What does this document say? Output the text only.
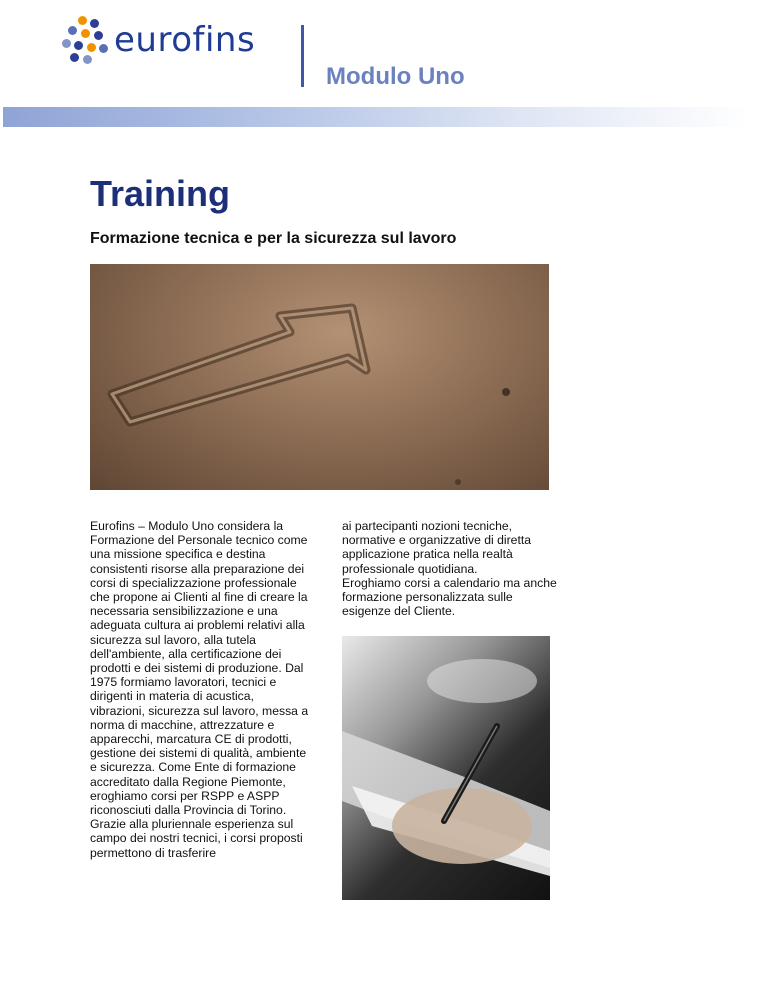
eurofins
Modulo Uno
Training
Formazione tecnica e per la sicurezza sul lavoro

Eurofins – Modulo Uno considera la Formazione del Personale tecnico come una missione specifica e destina consistenti risorse alla preparazione dei corsi di specializzazione professionale che propone ai Clienti al fine di creare la necessaria sensibilizzazione e una adeguata cultura ai problemi relativi alla sicurezza sul lavoro, alla tutela dell'ambiente, alla certificazione dei prodotti e dei sistemi di produzione. Dal 1975 formiamo lavoratori, tecnici e dirigenti in materia di acustica, vibrazioni, sicurezza sul lavoro, messa a norma di macchine, attrezzature e apparecchi, marcatura CE di prodotti, gestione dei sistemi di qualità, ambiente e sicurezza. Come Ente di formazione accreditato dalla Regione Piemonte, eroghiamo corsi per RSPP e ASPP riconosciuti dalla Provincia di Torino.
Grazie alla pluriennale esperienza sul campo dei nostri tecnici, i corsi proposti permettono di trasferire

ai partecipanti nozioni tecniche, normative e organizzative di diretta applicazione pratica nella realtà professionale quotidiana.
Eroghiamo corsi a calendario ma anche formazione personalizzata sulle esigenze del Cliente.
